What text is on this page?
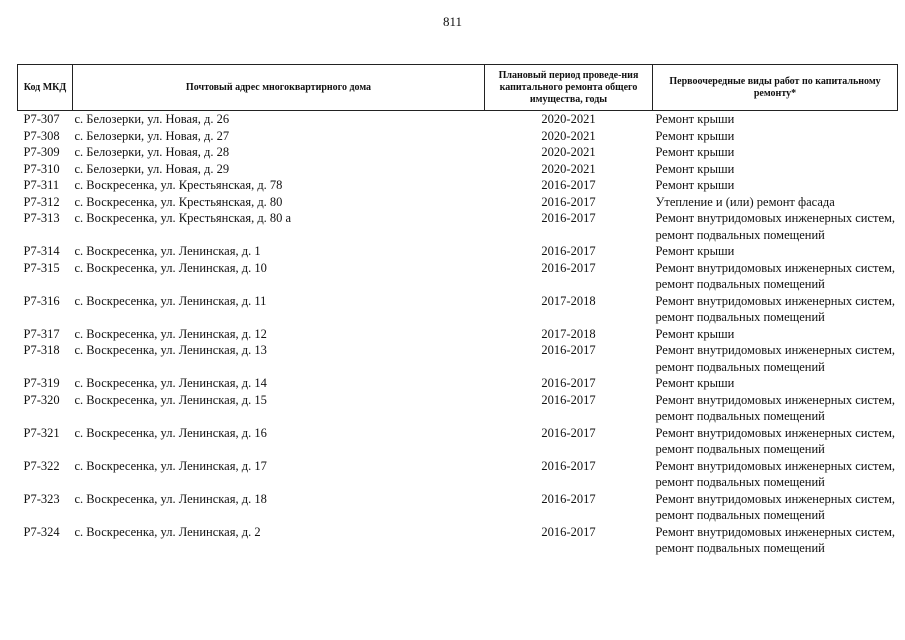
811
Код МКД	Почтовый адрес многоквартирного дома	Плановый период проведе-ния капитального ремонта общего имущества, годы	Первоочередные виды работ по капитальному ремонту*
Р7-307	с. Белозерки, ул. Новая, д. 26	2020-2021	Ремонт крыши

Р7-308	с. Белозерки, ул. Новая, д. 27	2020-2021	Ремонт крыши

Р7-309	с. Белозерки, ул. Новая, д. 28	2020-2021	Ремонт крыши

Р7-310	с. Белозерки, ул. Новая, д. 29	2020-2021	Ремонт крыши

Р7-311	с. Воскресенка, ул. Крестьянская, д. 78	2016-2017	Ремонт крыши

Р7-312	с. Воскресенка, ул. Крестьянская, д. 80	2016-2017	Утепление и (или) ремонт фасада

Р7-313	с. Воскресенка, ул. Крестьянская, д. 80 а	2016-2017	Ремонт внутридомовых инженерных систем,
ремонт подвальных помещений

Р7-314	с. Воскресенка, ул. Ленинская, д. 1	2016-2017	Ремонт крыши

Р7-315	с. Воскресенка, ул. Ленинская, д. 10	2016-2017	Ремонт внутридомовых инженерных систем,
ремонт подвальных помещений

Р7-316	с. Воскресенка, ул. Ленинская, д. 11	2017-2018	Ремонт внутридомовых инженерных систем,
ремонт подвальных помещений

Р7-317	с. Воскресенка, ул. Ленинская, д. 12	2017-2018	Ремонт крыши

Р7-318	с. Воскресенка, ул. Ленинская, д. 13	2016-2017	Ремонт внутридомовых инженерных систем,
ремонт подвальных помещений

Р7-319	с. Воскресенка, ул. Ленинская, д. 14	2016-2017	Ремонт крыши

Р7-320	с. Воскресенка, ул. Ленинская, д. 15	2016-2017	Ремонт внутридомовых инженерных систем,
ремонт подвальных помещений

Р7-321	с. Воскресенка, ул. Ленинская, д. 16	2016-2017	Ремонт внутридомовых инженерных систем,
ремонт подвальных помещений

Р7-322	с. Воскресенка, ул. Ленинская, д. 17	2016-2017	Ремонт внутридомовых инженерных систем,
ремонт подвальных помещений

Р7-323	с. Воскресенка, ул. Ленинская, д. 18	2016-2017	Ремонт внутридомовых инженерных систем,
ремонт подвальных помещений

Р7-324	с. Воскресенка, ул. Ленинская, д. 2	2016-2017	Ремонт внутридомовых инженерных систем,
ремонт подвальных помещений
